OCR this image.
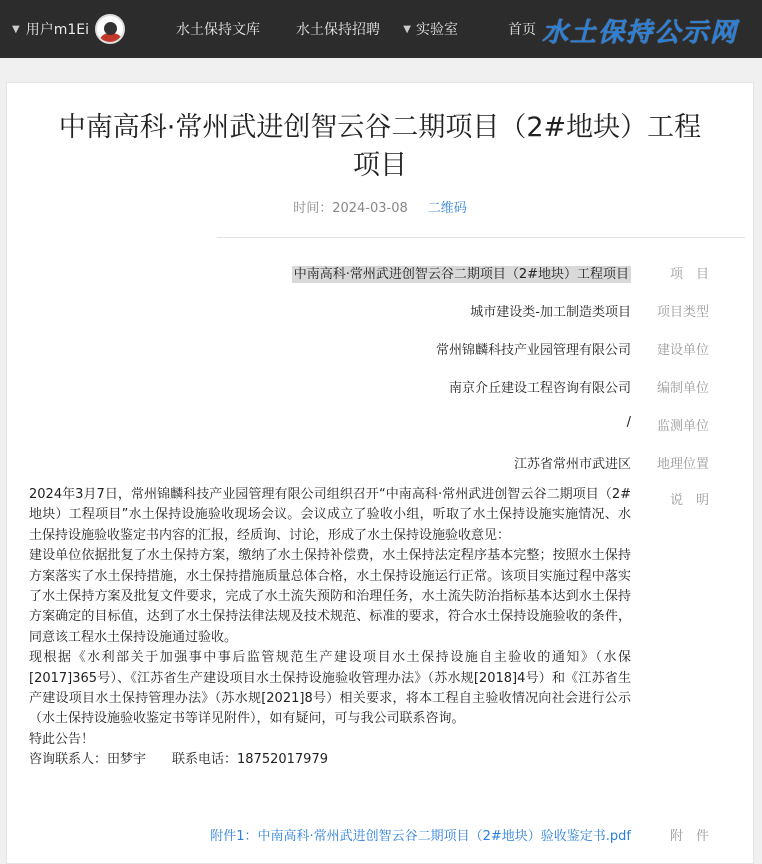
水土保持公示网
首页
▼ 实验室
水土保持招聘
水土保持文库
▼ 用户m1Ei
中南高科·常州武进创智云谷二期项目（2#地块）工程项目
时间：2024-03-08 二维码
项　目
中南高科·常州武进创智云谷二期项目（2#地块）工程项目
项目类型
城市建设类-加工制造类项目
建设单位
常州锦麟科技产业园管理有限公司
编制单位
南京介丘建设工程咨询有限公司
监测单位
/
地理位置
江苏省常州市武进区
说　明

2024年3月7日，常州锦麟科技产业园管理有限公司组织召开“中南高科·常州武进创智云谷二期项目（2#地块）工程项目”水土保持设施验收现场会议。会议成立了验收小组，听取了水土保持设施实施情况、水土保持设施验收鉴定书内容的汇报，经质询、讨论，形成了水土保持设施验收意见：

建设单位依据批复了水土保持方案，缴纳了水土保持补偿费，水土保持法定程序基本完整；按照水土保持方案落实了水土保持措施，水土保持措施质量总体合格，水土保持设施运行正常。该项目实施过程中落实了水土保持方案及批复文件要求，完成了水土流失预防和治理任务，水土流失防治指标基本达到水土保持方案确定的目标值，达到了水土保持法律法规及技术规范、标准的要求，符合水土保持设施验收的条件，同意该工程水土保持设施通过验收。

现根据《水利部关于加强事中事后监管规范生产建设项目水土保持设施自主验收的通知》（水保[2017]365号）、《江苏省生产建设项目水土保持设施验收管理办法》（苏水规[2018]4号）和《江苏省生产建设项目水土保持管理办法》（苏水规[2021]8号）相关要求，将本工程自主验收情况向社会进行公示（水土保持设施验收鉴定书等详见附件），如有疑问，可与我公司联系咨询。

特此公告！

咨询联系人：田梦宇　　联系电话：18752017979

附　件
附件1：中南高科·常州武进创智云谷二期项目（2#地块）验收鉴定书.pdf
